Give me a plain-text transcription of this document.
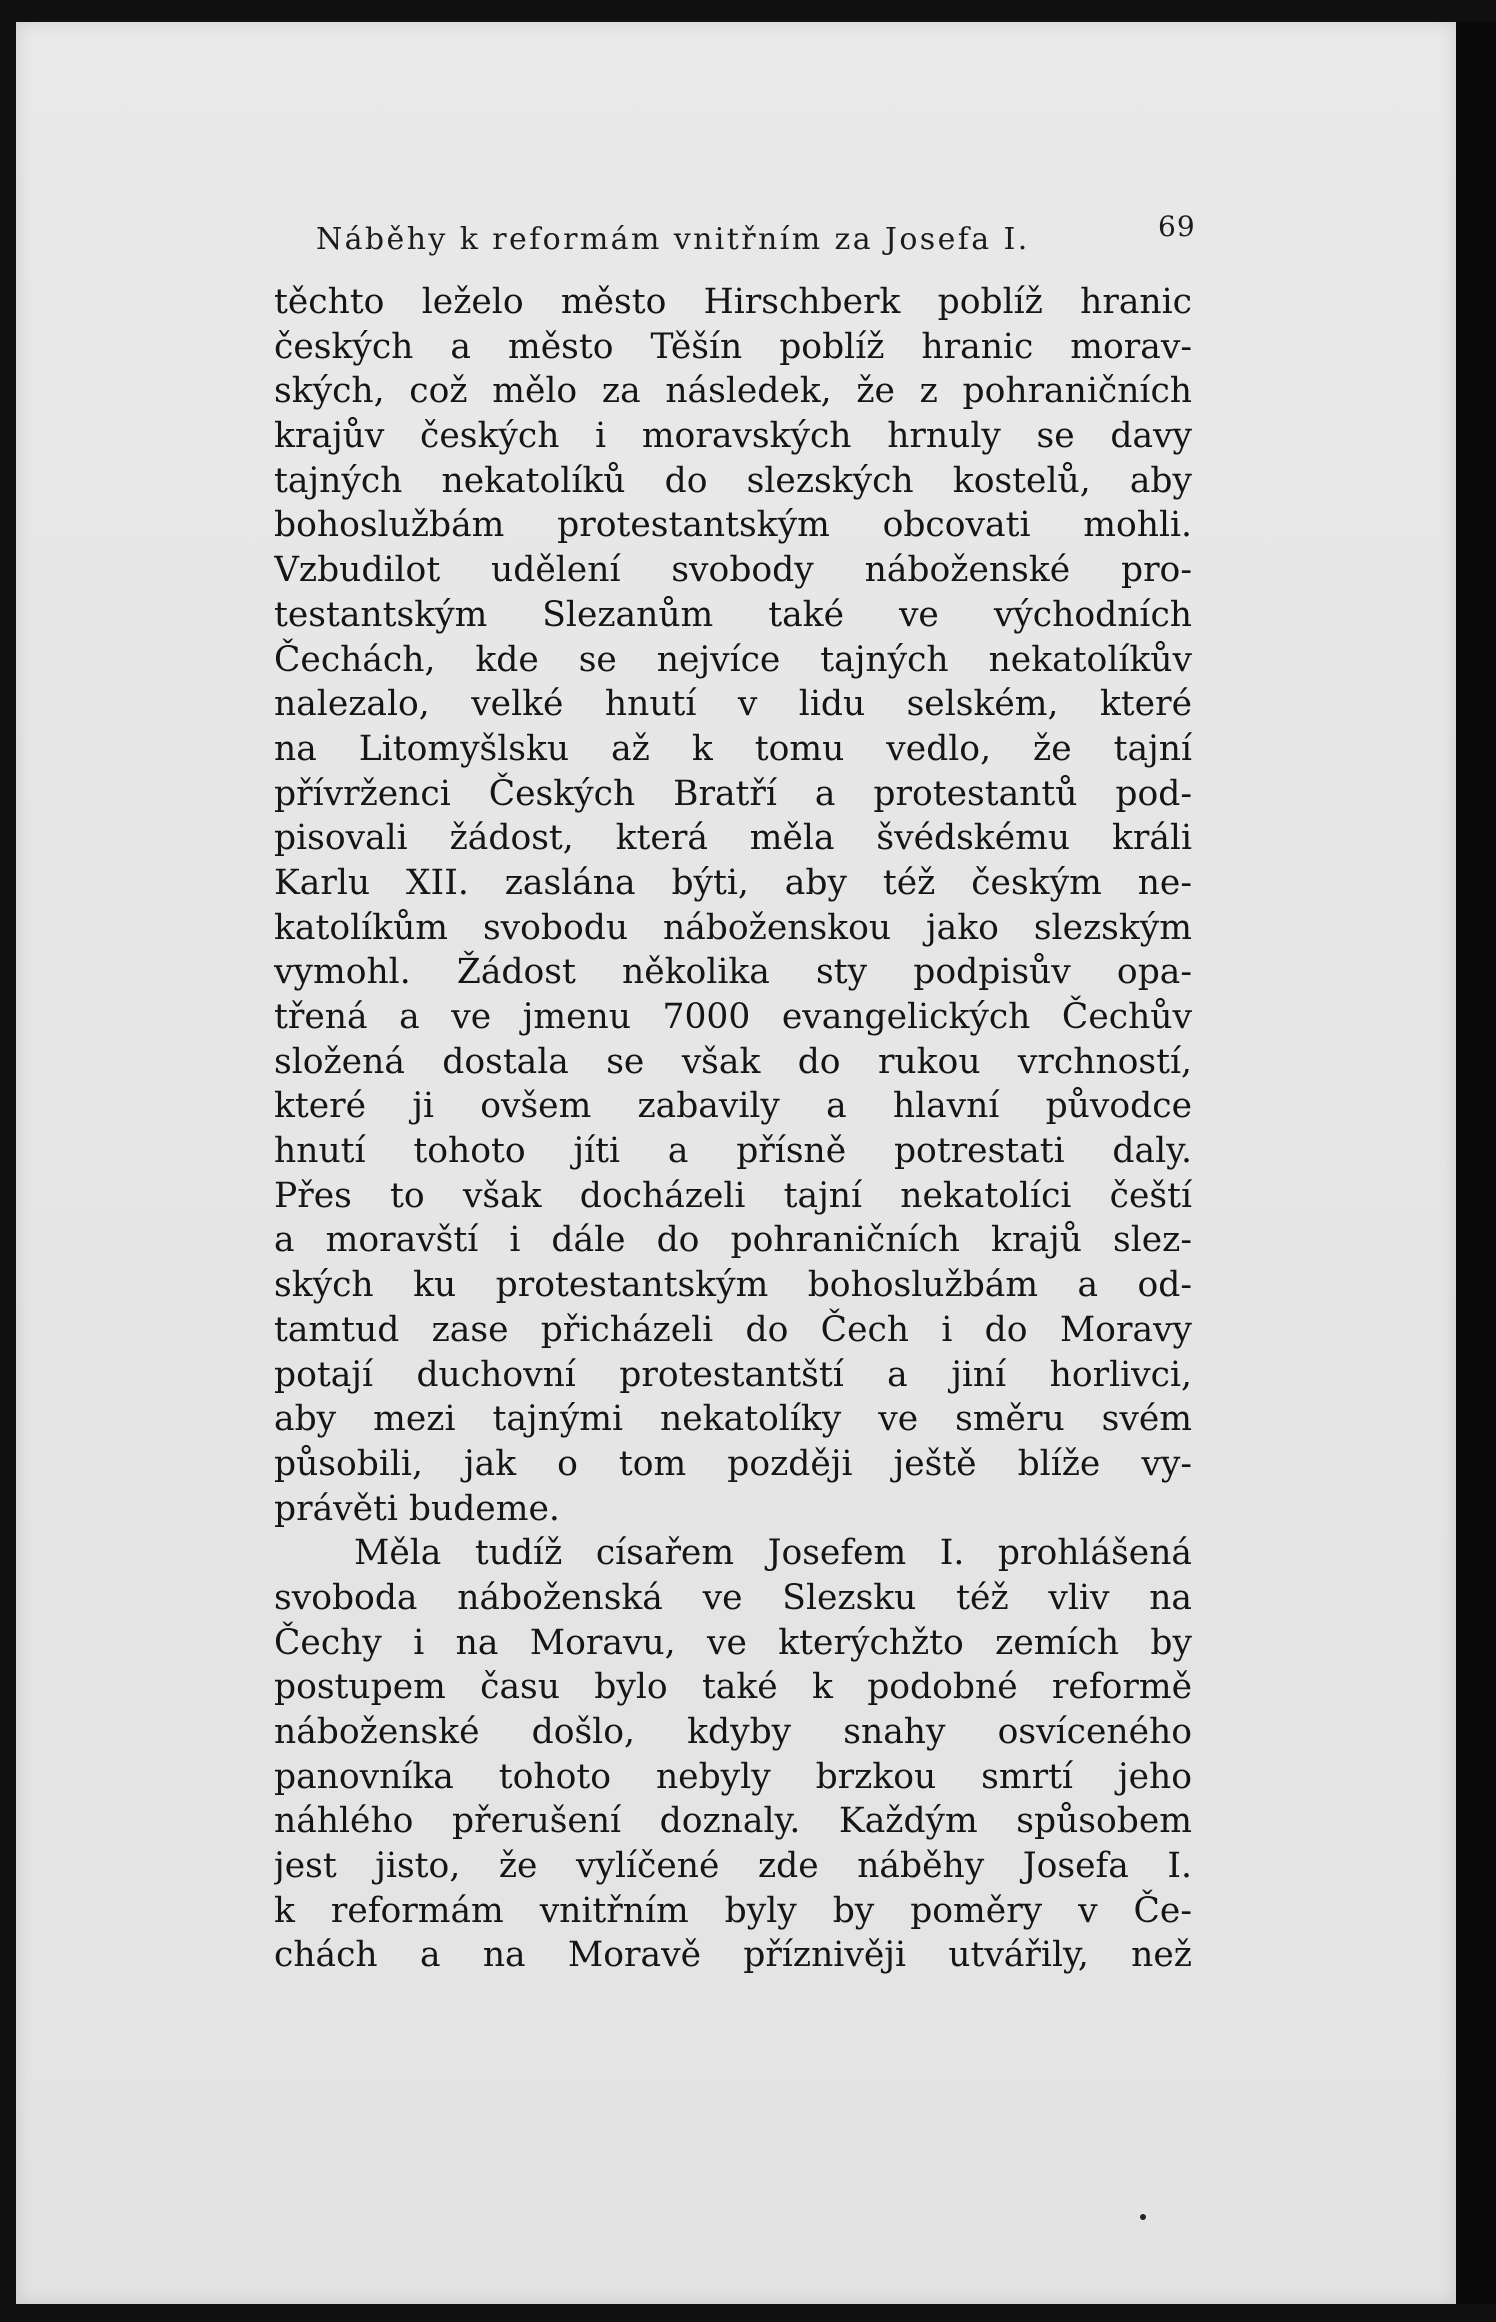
Náběhy k reformám vnitřním za Josefa I.	69
těchto leželo město Hirschberk poblíž hranic
českých a město Těšín poblíž hranic morav-
ských, což mělo za následek, že z pohraničních
krajův českých i moravských hrnuly se davy
tajných nekatolíků do slezských kostelů, aby
bohoslužbám protestantským obcovati mohli.
Vzbudilot udělení svobody náboženské pro-
testantským Slezanům také ve východních
Čechách, kde se nejvíce tajných nekatolíkův
nalezalo, velké hnutí v lidu selském, které
na Litomyšlsku až k tomu vedlo, že tajní
přívrženci Českých Bratří a protestantů pod-
pisovali žádost, která měla švédskému králi
Karlu XII. zaslána býti, aby též českým ne-
katolíkům svobodu náboženskou jako slezským
vymohl. Žádost několika sty podpisův opa-
třená a ve jmenu 7000 evangelických Čechův
složená dostala se však do rukou vrchností,
které ji ovšem zabavily a hlavní původce
hnutí tohoto jíti a přísně potrestati daly.
Přes to však docházeli tajní nekatolíci čeští
a moravští i dále do pohraničních krajů slez-
ských ku protestantským bohoslužbám a od-
tamtud zase přicházeli do Čech i do Moravy
potají duchovní protestantští a jiní horlivci,
aby mezi tajnými nekatolíky ve směru svém
působili, jak o tom později ještě blíže vy-
právěti budeme.
Měla tudíž císařem Josefem I. prohlášená
svoboda náboženská ve Slezsku též vliv na
Čechy i na Moravu, ve kterýchžto zemích by
postupem času bylo také k podobné reformě
náboženské došlo, kdyby snahy osvíceného
panovníka tohoto nebyly brzkou smrtí jeho
náhlého přerušení doznaly. Každým spůsobem
jest jisto, že vylíčené zde náběhy Josefa I.
k reformám vnitřním byly by poměry v Če-
chách a na Moravě příznivěji utvářily, než
